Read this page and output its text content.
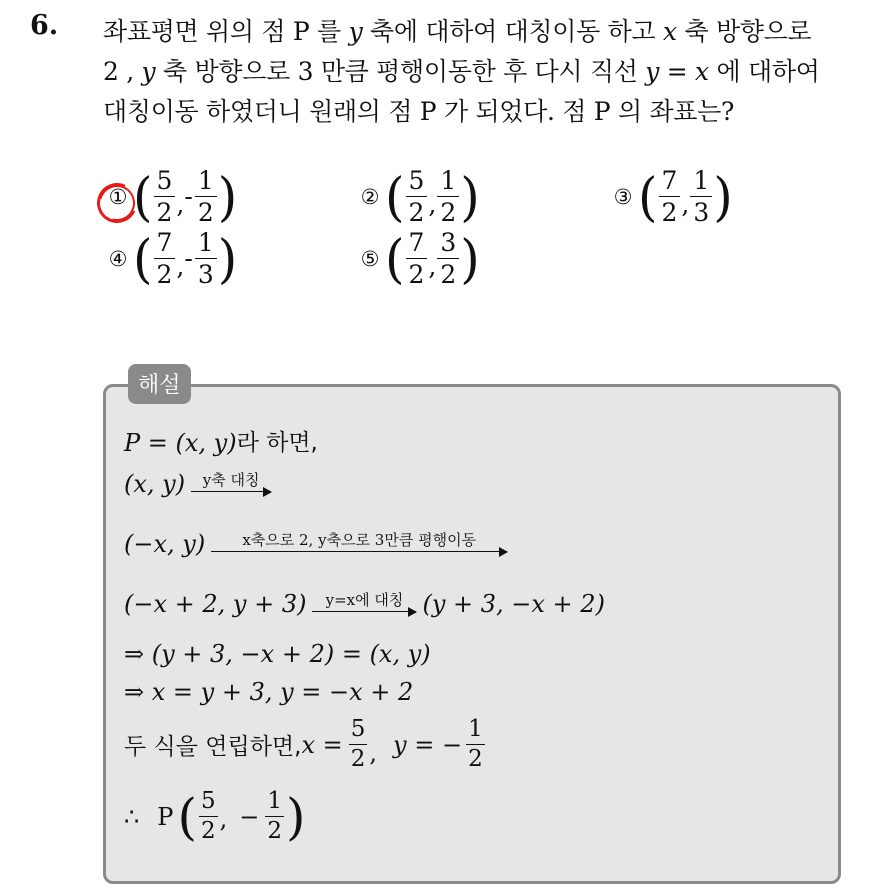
6. 좌표평면 위의 점 P 를 y 축에 대하여 대칭이동 하고 x 축 방향으로
2 , y 축 방향으로 3 만큼 평행이동한 후 다시 직선 y = x 에 대하여
대칭이동 하였더니 원래의 점 P 가 되었다. 점 P 의 좌표는?
① ( $\frac{5}{2}$ , - $\frac{1}{2}$ )	② ( $\frac{5}{2}$ , $\frac{1}{2}$ )	③ ( $\frac{7}{2}$ , $\frac{1}{3}$ )
④ ( $\frac{7}{2}$ , - $\frac{1}{3}$ )	⑤ ( $\frac{7}{2}$ , $\frac{3}{2}$ )
해설
P = (x, y) 라 하면,
(x, y)	y축 대칭
(−x, y)	x축으로 2, y축으로 3만큼 평행이동
(−x + 2, y + 3)	y=x에 대칭 (y + 3, −x + 2)
⇒ (y + 3, −x + 2) = (x, y)
⇒ x = y + 3, y = −x + 2
두 식을 연립하면, $x = \frac{5}{2}$ , y = − $\frac{1}{2}$
∴ P ( 5
2 , − $\frac{1}{2}$ )
